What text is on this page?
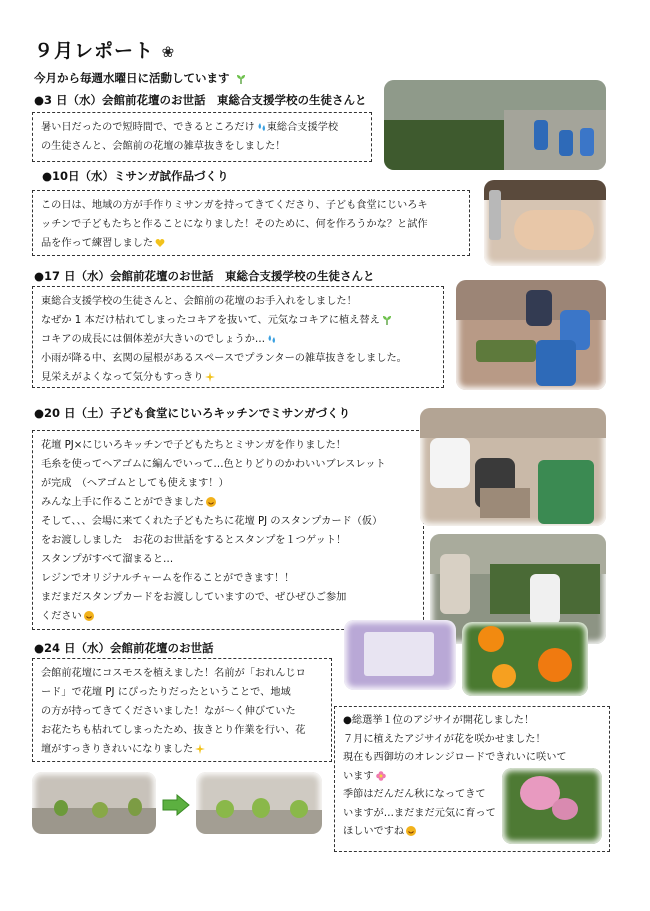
９月レポート ❀
今月から毎週水曜日に活動しています
●3 日（水）会館前花壇のお世話　東総合支援学校の生徒さんと
暑い日だったので短時間で、できるところだけ 東総合支援学校
の生徒さんと、会館前の花壇の雑草抜きをしました！
●10日（水）ミサンガ試作品づくり
この日は、地域の方が手作りミサンガを持ってきてくださり、子ども食堂にじいろキ
ッチンで子どもたちと作ることになりました！そのために、何を作ろうかな？と試作
品を作って練習しました
●17 日（水）会館前花壇のお世話　東総合支援学校の生徒さんと
東総合支援学校の生徒さんと、会館前の花壇のお手入れをしました！
なぜか 1 本だけ枯れてしまったコキアを抜いて、元気なコキアに植え替え
コキアの成長には個体差が大きいのでしょうか…
小雨が降る中、玄関の屋根があるスペースでプランターの雑草抜きをしました。
見栄えがよくなって気分もすっきり
●20 日（土）子ども食堂にじいろキッチンでミサンガづくり
花壇 PJ×にじいろキッチンで子どもたちとミサンガを作りました！
毛糸を使ってヘアゴムに編んでいって…色とりどりのかわいいブレスレット
が完成　（ヘアゴムとしても使えます！）
みんな上手に作ることができました
そして、、、会場に来てくれた子どもたちに花壇 PJ のスタンプカード（仮）
をお渡ししました　お花のお世話をするとスタンプを１つゲット！
スタンプがすべて溜まると…
レジンでオリジナルチャームを作ることができます！！
まだまだスタンプカードをお渡ししていますので、ぜひぜひご参加
ください
●24 日（水）会館前花壇のお世話
会館前花壇にコスモスを植えました！名前が「おれんじロ
ード」で花壇 PJ にぴったりだったということで、地域
の方が持ってきてくださいました！なが～く伸びていた
お花たちも枯れてしまったため、抜きとり作業を行い、花
壇がすっきりきれいになりました
●総選挙１位のアジサイが開花しました！
７月に植えたアジサイが花を咲かせました！
現在も西御坊のオレンジロードできれいに咲いて
います
季節はだんだん秋になってきて
いますが…まだまだ元気に育って
ほしいですね
